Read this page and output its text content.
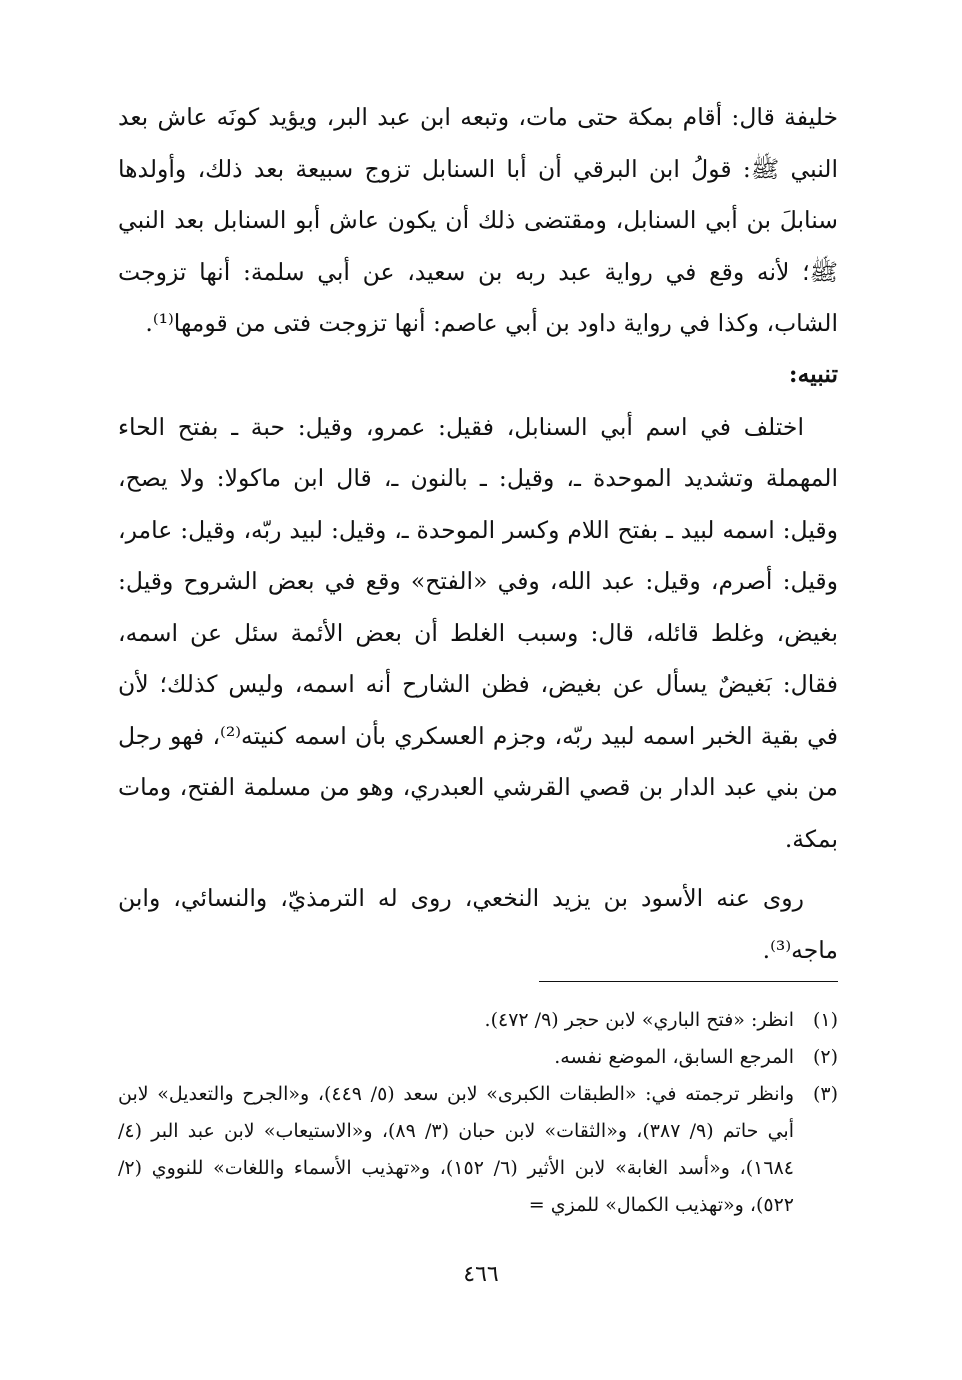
خليفة قال: أقام بمكة حتى مات، وتبعه ابن عبد البر، ويؤيد كونَه عاش بعد النبي ﷺ: قولُ ابن البرقي أن أبا السنابل تزوج سبيعة بعد ذلك، وأولدها سنابلَ بن أبي السنابل، ومقتضى ذلك أن يكون عاش أبو السنابل بعد النبي ﷺ؛ لأنه وقع في رواية عبد ربه بن سعيد، عن أبي سلمة: أنها تزوجت الشاب، وكذا في رواية داود بن أبي عاصم: أنها تزوجت فتى من قومها⁽¹⁾.

تنبيه:

اختلف في اسم أبي السنابل، فقيل: عمرو، وقيل: حبة ـ بفتح الحاء المهملة وتشديد الموحدة ـ، وقيل: ـ بالنون ـ، قال ابن ماكولا: ولا يصح، وقيل: اسمه لبيد ـ بفتح اللام وكسر الموحدة ـ، وقيل: لبيد ربّه، وقيل: عامر، وقيل: أصرم، وقيل: عبد الله، وفي «الفتح» وقع في بعض الشروح وقيل: بغيض، وغلط قائله، قال: وسبب الغلط أن بعض الأئمة سئل عن اسمه، فقال: بَغيضٌ يسأل عن بغيض، فظن الشارح أنه اسمه، وليس كذلك؛ لأن في بقية الخبر اسمه لبيد ربّه، وجزم العسكري بأن اسمه كنيته⁽²⁾، فهو رجل من بني عبد الدار بن قصي القرشي العبدري، وهو من مسلمة الفتح، ومات بمكة.

روى عنه الأسود بن يزيد النخعي، روى له الترمذيّ، والنسائي، وابن ماجه⁽³⁾.

(١)
انظر: «فتح الباري» لابن حجر (٩/ ٤٧٢).
(٢)
المرجع السابق، الموضع نفسه.
(٣)
وانظر ترجمته في: «الطبقات الكبرى» لابن سعد (٥/ ٤٤٩)، و«الجرح والتعديل» لابن أبي حاتم (٩/ ٣٨٧)، و«الثقات» لابن حبان (٣/ ٨٩)، و«الاستيعاب» لابن عبد البر (٤/ ١٦٨٤)، و«أسد الغابة» لابن الأثير (٦/ ١٥٢)، و«تهذيب الأسماء واللغات» للنووي (٢/ ٥٢٢)، و«تهذيب الكمال» للمزي =
٤٦٦
